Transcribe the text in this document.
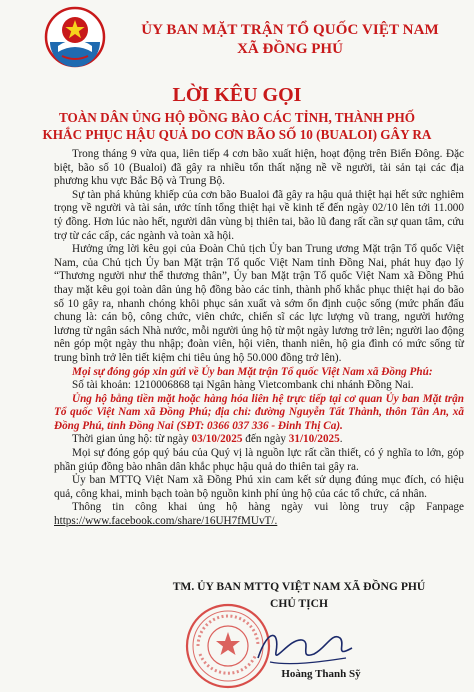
ỦY BAN MẶT TRẬN TỔ QUỐC VIỆT NAM
XÃ ĐỒNG PHÚ
LỜI KÊU GỌI
TOÀN DÂN ỦNG HỘ ĐỒNG BÀO CÁC TỈNH, THÀNH PHỐ
KHẮC PHỤC HẬU QUẢ DO CƠN BÃO SỐ 10 (BUALOI) GÂY RA

Trong tháng 9 vừa qua, liên tiếp 4 cơn bão xuất hiện, hoạt động trên Biển Đông. Đặc biệt, bão số 10 (Bualoi) đã gây ra nhiều tổn thất nặng nề về người, tài sản tại các địa phương khu vực Bắc Bộ và Trung Bộ.

Sự tàn phá khủng khiếp của cơn bão Bualoi đã gây ra hậu quả thiệt hại hết sức nghiêm trọng về người và tài sản, ước tính tổng thiệt hại về kinh tế đến ngày 02/10 lên tới 11.000 tỷ đồng. Hơn lúc nào hết, người dân vùng bị thiên tai, bão lũ đang rất cần sự quan tâm, cứu trợ từ các cấp, các ngành và toàn xã hội.

Hưởng ứng lời kêu gọi của Đoàn Chủ tịch Ủy ban Trung ương Mặt trận Tổ quốc Việt Nam, của Chủ tịch Ủy ban Mặt trận Tổ quốc Việt Nam tỉnh Đồng Nai, phát huy đạo lý “Thương người như thể thương thân”, Ủy ban Mặt trận Tổ quốc Việt Nam xã Đồng Phú thay mặt kêu gọi toàn dân ủng hộ đồng bào các tỉnh, thành phố khắc phục thiệt hại do bão số 10 gây ra, nhanh chóng khôi phục sản xuất và sớm ổn định cuộc sống (mức phấn đấu chung là: cán bộ, công chức, viên chức, chiến sĩ các lực lượng vũ trang, người hưởng lương từ ngân sách Nhà nước, mỗi người ủng hộ từ một ngày lương trở lên; người lao động nên góp một ngày thu nhập; đoàn viên, hội viên, thanh niên, hộ gia đình có mức sống từ trung bình trở lên tiết kiệm chi tiêu ủng hộ 50.000 đồng trở lên).

Mọi sự đóng góp xin gửi về Ủy ban Mặt trận Tổ quốc Việt Nam xã Đồng Phú:

Số tài khoản: 1210006868 tại Ngân hàng Vietcombank chi nhánh Đồng Nai.

Ủng hộ bằng tiền mặt hoặc hàng hóa liên hệ trực tiếp tại cơ quan Ủy ban Mặt trận Tổ quốc Việt Nam xã Đồng Phú; địa chỉ: đường Nguyễn Tất Thành, thôn Tân An, xã Đồng Phú, tỉnh Đồng Nai (SĐT: 0366 037 336 - Đinh Thị Ca).

Thời gian ủng hộ: từ ngày 03/10/2025 đến ngày 31/10/2025.

Mọi sự đóng góp quý báu của Quý vị là nguồn lực rất cần thiết, có ý nghĩa to lớn, góp phần giúp đồng bào nhân dân khắc phục hậu quả do thiên tai gây ra.

Ủy ban MTTQ Việt Nam xã Đồng Phú xin cam kết sử dụng đúng mục đích, có hiệu quả, công khai, minh bạch toàn bộ nguồn kinh phí ủng hộ của các tổ chức, cá nhân.

Thông tin công khai ủng hộ hàng ngày vui lòng truy cập Fanpage https://www.facebook.com/share/16UH7fMUvT/.

TM. ỦY BAN MTTQ VIỆT NAM XÃ ĐỒNG PHÚ
CHỦ TỊCH
Hoàng Thanh Sỹ
